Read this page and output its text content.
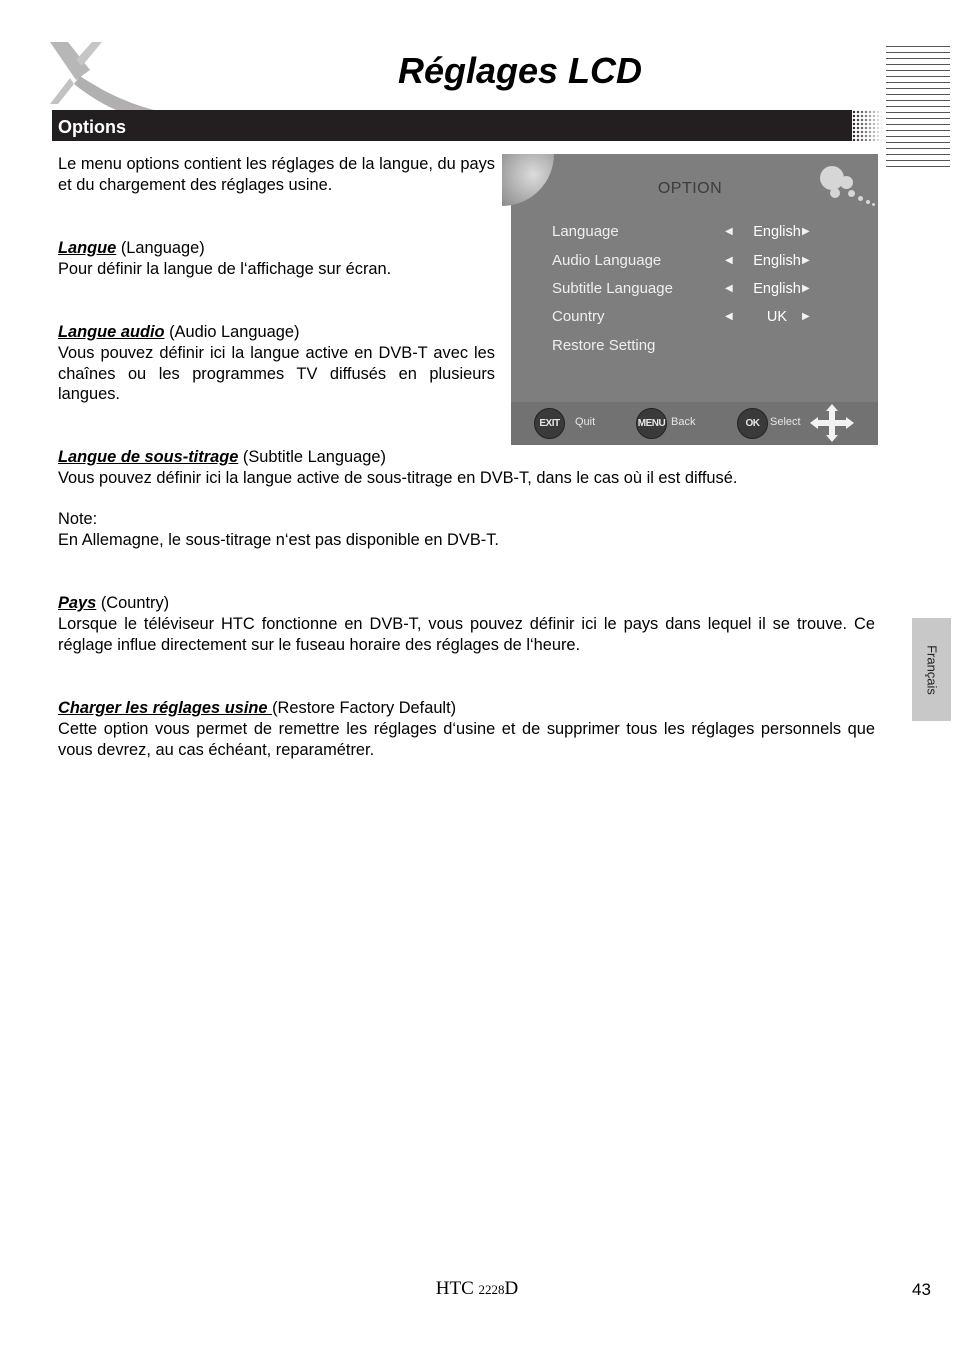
Réglages LCD
Options
Le menu options contient les réglages de la langue, du pays et du chargement des réglages usine.
Langue (Language)
Pour définir la langue de l‘affichage sur écran.
Langue audio (Audio Language)
Vous pouvez définir ici la langue active en DVB-T avec les chaînes ou les programmes TV diffusés en plusieurs langues.
Langue de sous-titrage (Subtitle Language)
Vous pouvez définir ici la langue active de sous-titrage en DVB-T, dans le cas où il est diffusé.

Note:
En Allemagne, le sous-titrage n‘est pas disponible en DVB-T.
Pays (Country)
Lorsque le téléviseur HTC fonctionne en DVB-T, vous pouvez définir ici le pays dans lequel il se trouve. Ce réglage influe directement sur le fuseau horaire des réglages de l‘heure.
Charger les réglages usine (Restore Factory Default)
Cette option vous permet de remettre les réglages d‘usine et de supprimer tous les réglages personnels que vous devrez, au cas échéant, reparamétrer.
OPTION
Language	◀	English ▶
Audio Language	◀	English ▶
Subtitle Language	◀	English ▶
Country	◀	UK	▶
Restore Setting
EXIT	Quit	MENU Back	OK Select
Français
HTC 2228D	43
